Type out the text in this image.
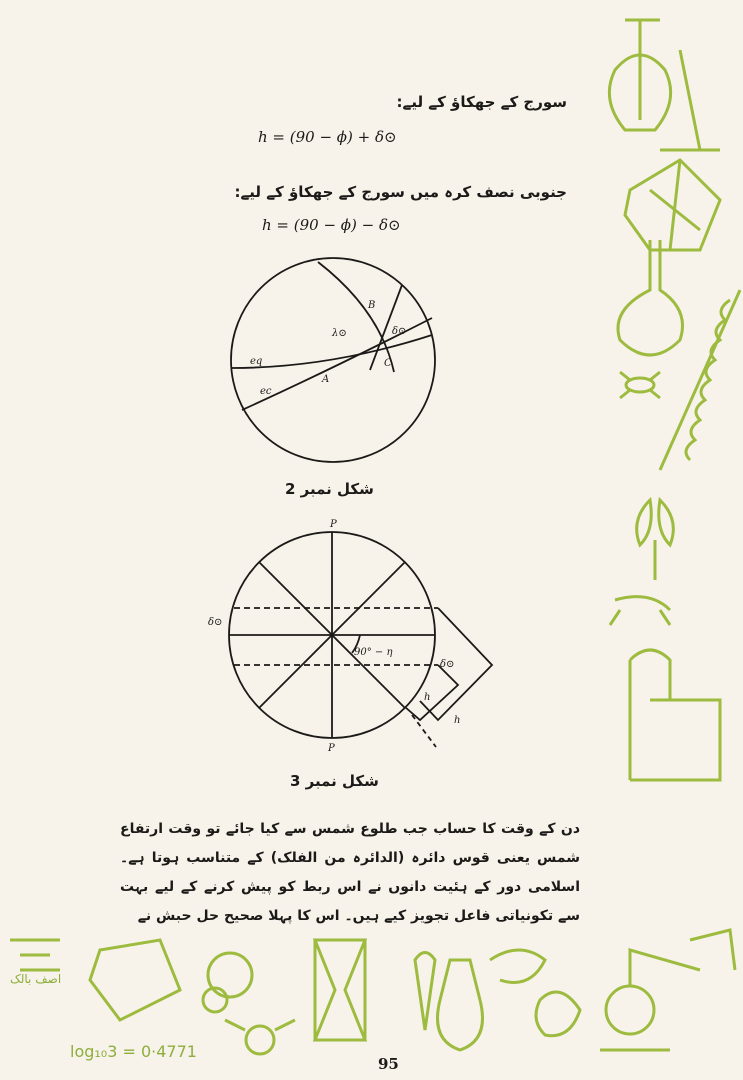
سورج کے جھکاؤ کے لیے:
h = (90 − ϕ) + δ⊙
جنوبی نصف کرہ میں سورج کے جھکاؤ کے لیے:
h = (90 − ϕ) − δ⊙
B
λ⊙	δ⊙
eq
A
C
ec
شکل نمبر 2
P
P
δ⊙
δ⊙
90° − η
h
h
شکل نمبر 3
دن کے وقت کا حساب جب طلوع شمس سے کیا جائے تو وقت ارتفاع شمس یعنی قوس دائرہ (الدائرہ من الفلک) کے متناسب ہوتا ہے۔ اسلامی دور کے ہئیت دانوں نے اس ربط کو پیش کرنے کے لیے بہت سے تکونیاتی فاعل تجویز کیے ہیں۔ اس کا پہلا صحیح حل حبش نے
اصف بالک
log₁₀3 = 0·4771
95
